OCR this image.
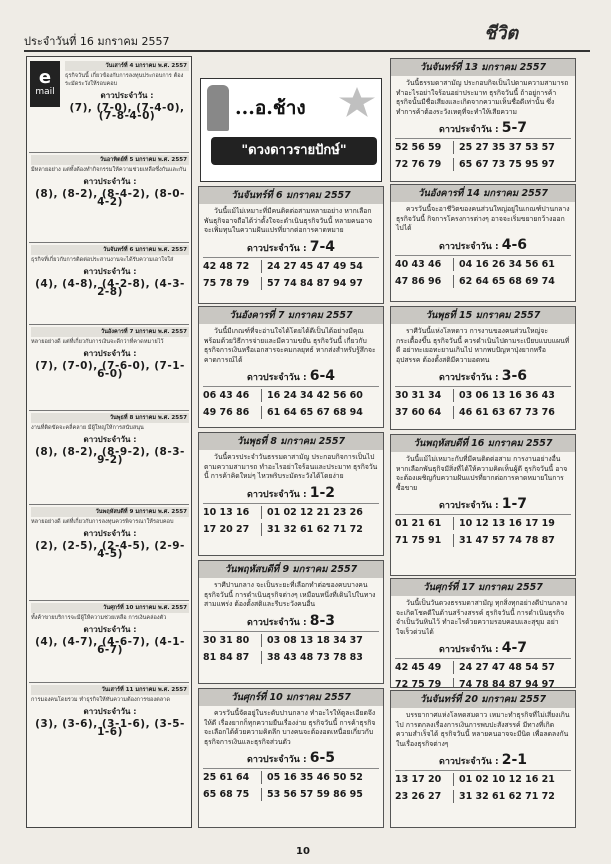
ประจำวันที่ 16 มกราคม 2557	ชีวิต
e
mail
วันเสาร์ที่ 4 มกราคม พ.ศ. 2557
ธุรกิจวันนี้ เกี่ยวข้องกับการลงทุนประกอบการ ต้องระมัดระวังให้รอบคอบ
ดาวประจำวัน :
(7), (7-0), (7-4-0), (7-8-4-0)
วันอาทิตย์ที่ 5 มกราคม พ.ศ. 2557
มีหลายอย่าง แต่ทั้งต้องทำกิจกรรมให้ความช่วยเหลือซึ่งกันและกัน
ดาวประจำวัน :
(8), (8-2), (8-4-2), (8-0-4-2)
วันจันทร์ที่ 6 มกราคม พ.ศ. 2557
ธุรกิจที่เกี่ยวกับการติดต่อประสานงานจะได้รับความเอาใจใส่
ดาวประจำวัน :
(4), (4-8), (4-2-8), (4-3-2-8)
วันอังคารที่ 7 มกราคม พ.ศ. 2557
หลายอย่างดี แต่ที่เกี่ยวกับการเงินจะดีกว่าที่คาดหมายไว้
ดาวประจำวัน :
(7), (7-0), (7-6-0), (7-1-6-0)
วันพุธที่ 8 มกราคม พ.ศ. 2557
งานที่ติดขัดจะคลี่คลาย มีผู้ใหญ่ให้การสนับสนุน
ดาวประจำวัน :
(8), (8-2), (8-9-2), (8-3-9-2)
วันพฤหัสบดีที่ 9 มกราคม พ.ศ. 2557
หลายอย่างดี แต่ที่เกี่ยวกับการลงทุนควรพิจารณาให้รอบคอบ
ดาวประจำวัน :
(2), (2-5), (2-4-5), (2-9-4-5)
วันศุกร์ที่ 10 มกราคม พ.ศ. 2557
ทั้งค้าขายบริการจะมีผู้ให้ความช่วยเหลือ การเงินคล่องตัว
ดาวประจำวัน :
(4), (4-7), (4-6-7), (4-1-6-7)
วันเสาร์ที่ 11 มกราคม พ.ศ. 2557
การมองคนโดยรวม ทำธุรกิจให้ทันความต้องการของตลาด
ดาวประจำวัน :
(3), (3-6), (3-1-6), (3-5-1-6)
...อ.ช้าง
"ดวงดาวรายปักษ์"
วันจันทร์ที่ 6 มกราคม 2557
วันนี้แม้ไม่เหมาะที่มีคนติดต่อสามหลายอย่าง หากเลือกพันธุกิจอาจถือได้ว่าตั้งใจจะดำเนินธุรกิจวันนี้ หลายคนอาจจะเพิ่มทุนในความฝันแปรที่ยากต่อการคาดหมาย
ดาวประจำวัน : 7-4
42 48 72	24 27 45 47 49 54
75 78 79	57 74 84 87 94 97
วันอังคารที่ 7 มกราคม 2557
วันนี้มีเกณฑ์ที่จะอ่านใจได้โดยได้ดีเป็นได้อย่างมีคุณพร้อมด้วยวิธีการจ่ายและมีความขยัน ธุรกิจวันนี้ เกี่ยวกับธุรกิจการเงินหรือเอกสารจะคมกลยุทธ์ หากส่งสำหรับรู้สึกจะคาดการณ์ได้
ดาวประจำวัน : 6-4
06 43 46	16 24 34 42 56 60
49 76 86	61 64 65 67 68 94
วันพุธที่ 8 มกราคม 2557
วันนี้ควรประจำวันธรรมดาสามัญ ประกอบกิจการเป็นไปตามความสามารถ ทำอะไรอย่าใจร้อนและประมาท ธุรกิจวันนี้ การค้าคิดใหม่ๆ ไหวพริบระมัดระวังได้โดยง่าย
ดาวประจำวัน : 1-2
10 13 16	01 02 12 21 23 26
17 20 27	31 32 61 62 71 72
วันพฤหัสบดีที่ 9 มกราคม 2557
ราศีปานกลาง จะเป็นระยะที่เลือกทำต่อของคบบางคน ธุรกิจวันนี้ การดำเนินธุรกิจต่างๆ เหมือนหนึ่งที่เดินไปในทางสามแพร่ง ต้องตั้งสติและรีบระวังคนอื่น
ดาวประจำวัน : 8-3
30 31 80	03 08 13 18 34 37
81 84 87	38 43 48 73 78 83
วันศุกร์ที่ 10 มกราคม 2557
ควรวันนี้จัดอยู่ในระดับปานกลาง ทำอะไรให้ดูละเอียดจึงให้ดี เรื่องยากก็ทุกความยืนเรื่องง่าย ธุรกิจวันนี้ การค้าธุรกิจจะเลือกได้ด้วยความคิดลึก บางคนจะต้องอดเหนื่อยเกี่ยวกับธุรกิจการเงินและธุรกิจส่วนตัว
ดาวประจำวัน : 6-5
25 61 64	05 16 35 46 50 52
65 68 75	53 56 57 59 86 95
วันจันทร์ที่ 13 มกราคม 2557
วันนี้ธรรมดาสามัญ ประกอบกิจเป็นไปตามความสามารถ ทำอะไรอย่าใจร้อนอย่าประมาท ธุรกิจวันนี้ ถ้าอยู่การค้าธุรกิจนั้นมีชื่อเสียงและเกิดจากความเห็นชื่อดีเท่านั้น ซึ่งทำการค้าต้องระวังเหตุที่จะทำให้เสียความ
ดาวประจำวัน : 5-7
52 56 59	25 27 35 37 53 57
72 76 79	65 67 73 75 95 97
วันอังคารที่ 14 มกราคม 2557
ควรวันนี้จะอาชีวิตของคนส่วนใหญ่อยู่ในเกณฑ์ปานกลาง ธุรกิจวันนี้ กิจการโครงการต่างๆ อาจจะเริ่มขยายกว้างออกไปได้
ดาวประจำวัน : 4-6
40 43 46	04 16 26 34 56 61
47 86 96	62 64 65 68 69 74
วันพุธที่ 15 มกราคม 2557
ราศีวันนี้แห่งโลหดาว การงานของคนส่วนใหญ่จะกระเตื้องขึ้น ธุรกิจวันนี้ ควรดำเนินไปตามระเบียบแบบแผนที่ดี อย่าทะเยอทะยานเกินไป หากพบปัญหาปุ่งยากหรืออุปสรรค ต้องตั้งสติมีความอดทน
ดาวประจำวัน : 3-6
30 31 34	03 06 13 16 36 43
37 60 64	46 61 63 67 73 76
วันพฤหัสบดีที่ 16 มกราคม 2557
วันนี้แม้ไม่เหมาะกับที่มีคนติดต่อสาม การงานอย่างอื่นหากเลือกพันธุกิจมีสิ่งที่ได้ให้ความคิดเห็นผู้ดี ธุรกิจวันนี้ อาจจะต้องเผชิญกับความฝันแปรที่ยากต่อการคาดหมายในการซื้อขาย
ดาวประจำวัน : 1-7
01 21 61	10 12 13 16 17 19
71 75 91	31 47 57 74 78 87
วันศุกร์ที่ 17 มกราคม 2557
วันนี้เป็นวันดวงธรรมดาสามัญ ทุกสิ่งทุกอย่างดีปานกลาง จะเกิดโชคดีในด้านสร้างสรรค์ ธุรกิจวันนี้ การดำเนินธุรกิจจำเป็นวันหินไว้ ทำอะไรด้วยความรอบคอบและสุขุม อย่าใจเร็วด่วนได้
ดาวประจำวัน : 4-7
42 45 49	24 27 47 48 54 57
72 75 79	74 78 84 87 94 97
วันจันทร์ที่ 20 มกราคม 2557
บรรยากาศแห่งโลหดสมดาว เหมาะทำธุรกิจที่ไม่เสี่ยงเกินไป การตกลงเรื่องการเงินการพบปะสังสรรค์ มีทางที่เกิดความสำเร็จได้ ธุรกิจวันนี้ หลายคนอาจจะมีนิด เพื่อลดลงกันในเรื่องธุรกิจต่างๆ
ดาวประจำวัน : 2-1
13 17 20	01 02 10 12 16 21
23 26 27	31 32 61 62 71 72
10
